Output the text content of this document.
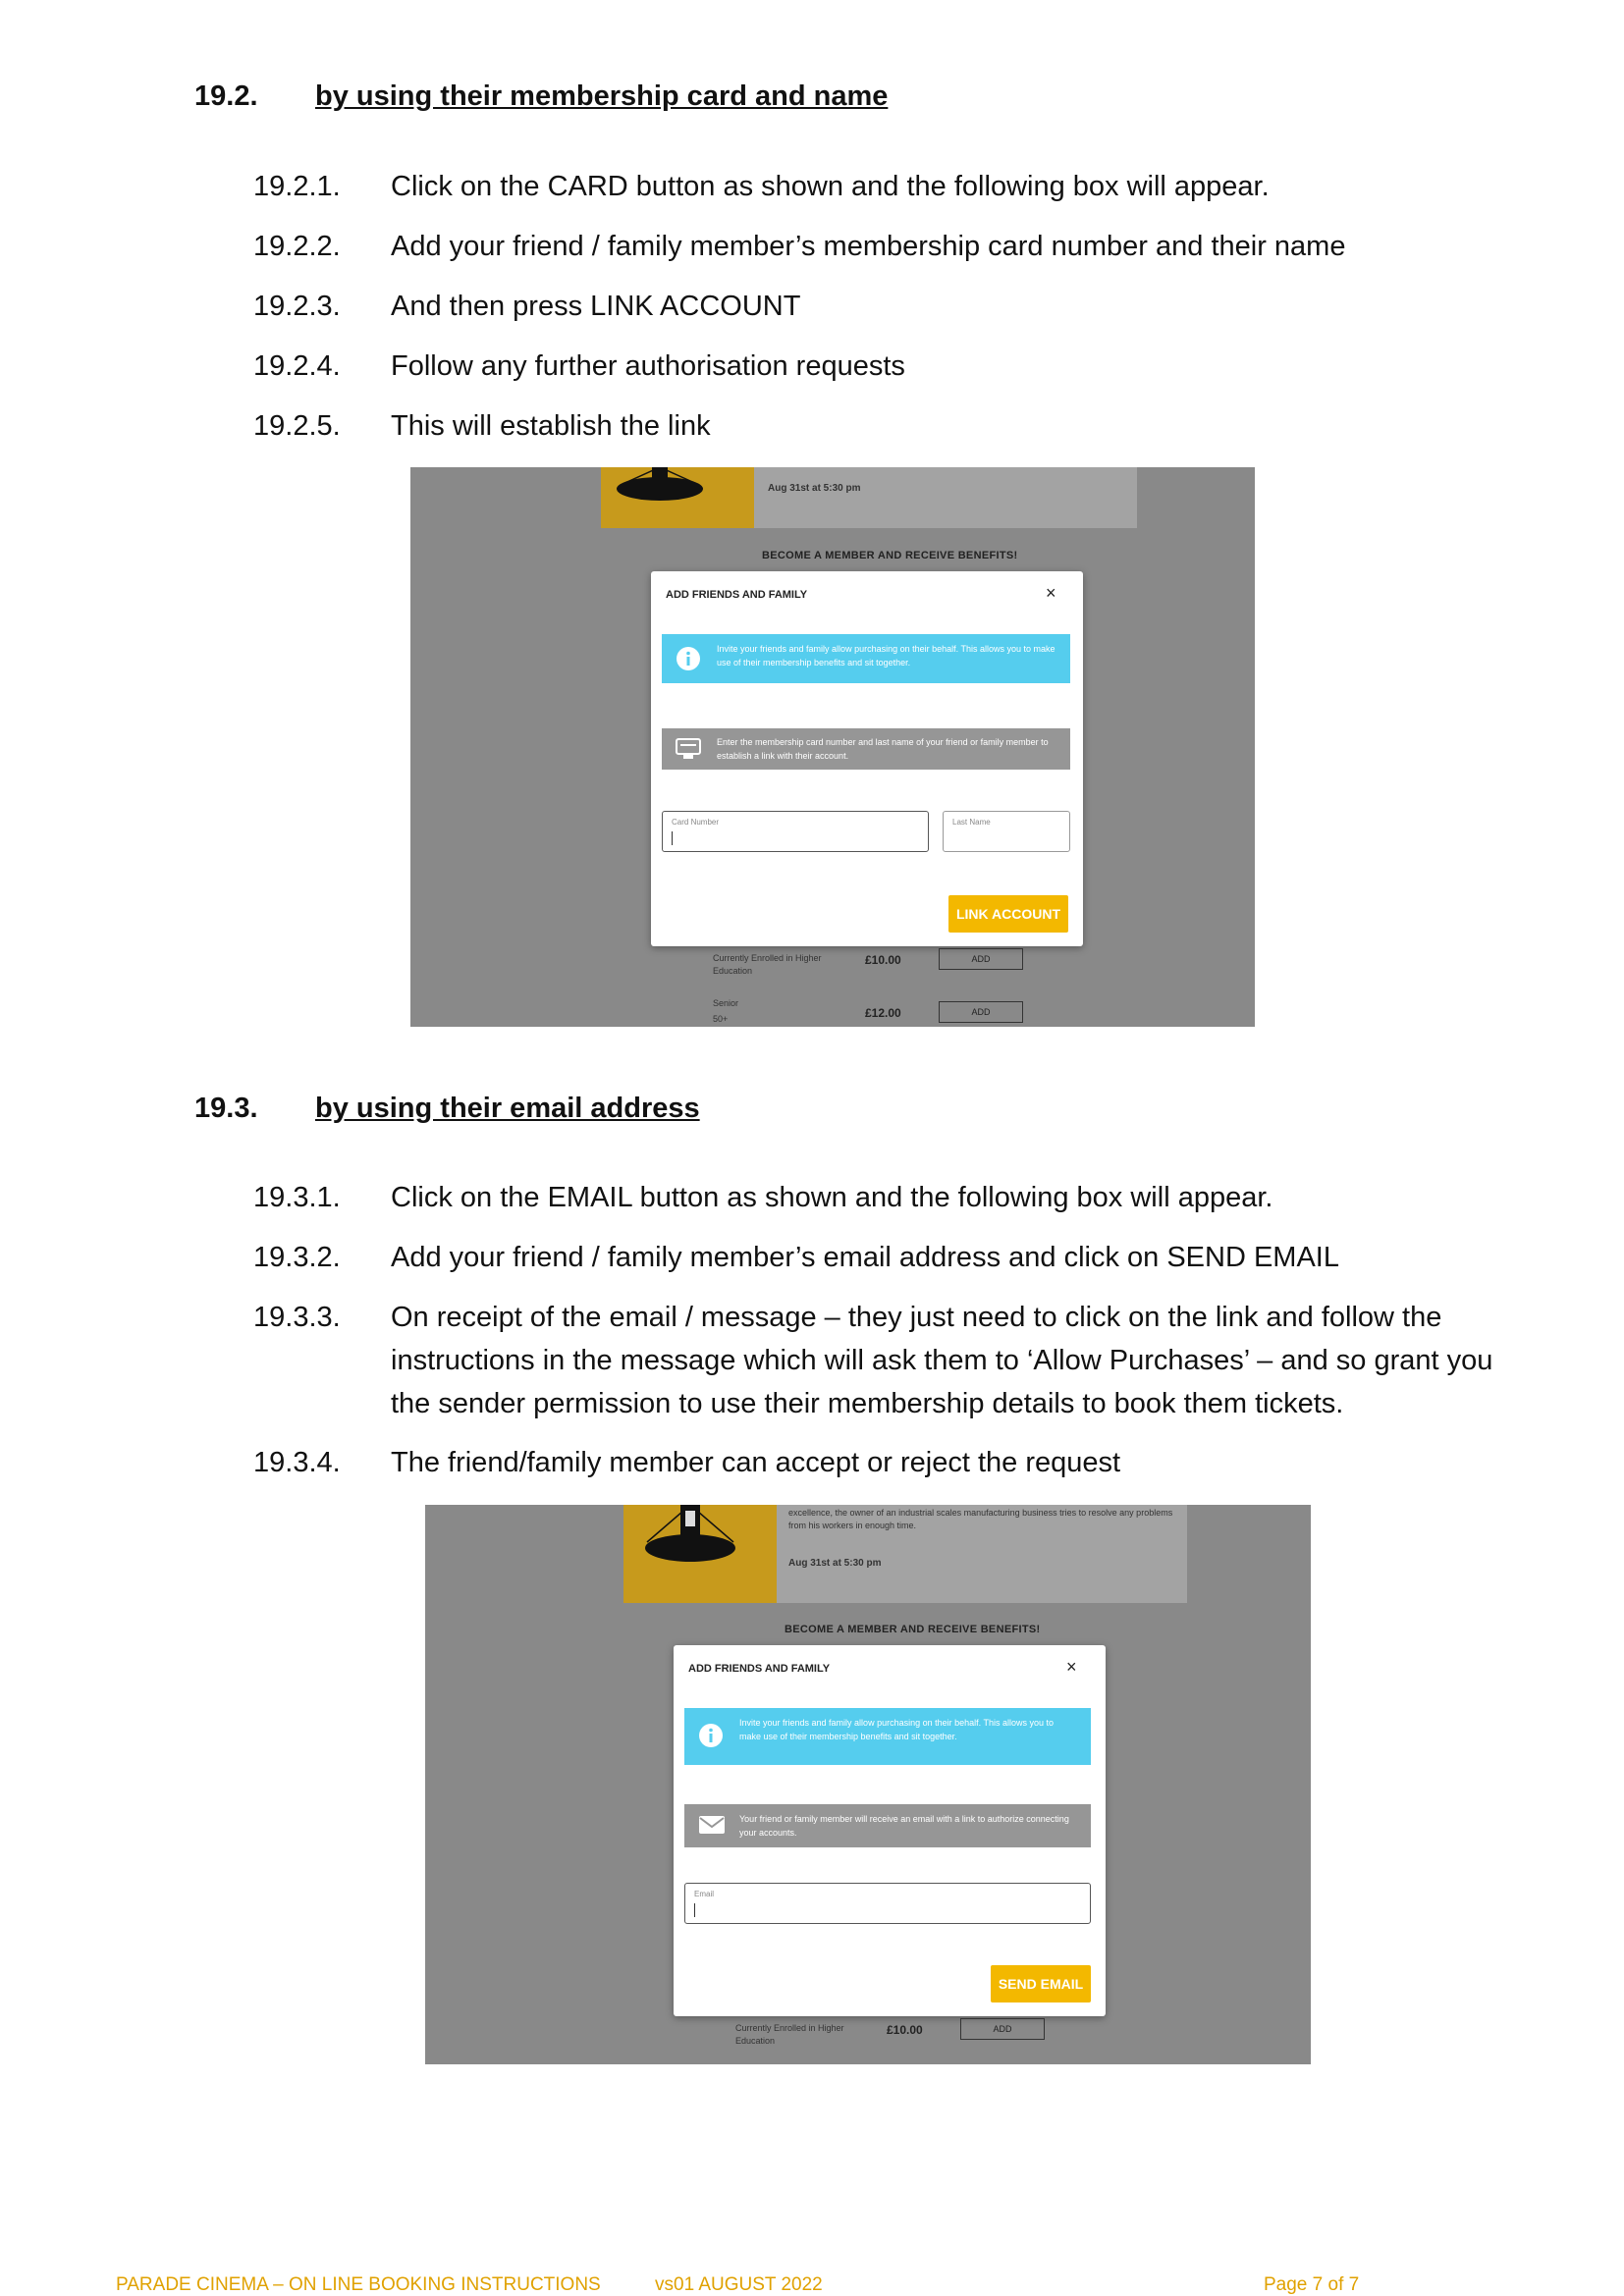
19.2. by using their membership card and name
19.2.1.	Click on the CARD button as shown and the following box will appear.
19.2.2.	Add your friend / family member’s membership card number and their name
19.2.3.	And then press LINK ACCOUNT
19.2.4.	Follow any further authorisation requests
19.2.5.	This will establish the link
Aug 31st at 5:30 pm
BECOME A MEMBER AND RECEIVE BENEFITS!
ADD FRIENDS AND FAMILY	×
Invite your friends and family allow purchasing on their behalf. This allows you to make use of their membership benefits and sit together.
Enter the membership card number and last name of your friend or family member to establish a link with their account.
Card Number	Last Name
LINK ACCOUNT
Currently Enrolled in Higher Education
£10.00	ADD
Senior
50+	£12.00	ADD
19.3. by using their email address
19.3.1.	Click on the EMAIL button as shown and the following box will appear.
19.3.2.	Add your friend / family member’s email address and click on SEND EMAIL
19.3.3.	On receipt of the email / message – they just need to click on the link and follow the instructions in the message which will ask them to ‘Allow Purchases’ – and so grant you the sender permission to use their membership details to book them tickets.
19.3.4.	The friend/family member can accept or reject the request
excellence, the owner of an industrial scales manufacturing business tries to resolve any problems from his workers in enough time.
Aug 31st at 5:30 pm
BECOME A MEMBER AND RECEIVE BENEFITS!
ADD FRIENDS AND FAMILY	×
Invite your friends and family allow purchasing on their behalf. This allows you to make use of their membership benefits and sit together.
Your friend or family member will receive an email with a link to authorize connecting your accounts.
Email
SEND EMAIL
Currently Enrolled in Higher Education
£10.00	ADD
PARADE CINEMA – ON LINE BOOKING INSTRUCTIONS	vs01 AUGUST 2022	Page 7 of 7
